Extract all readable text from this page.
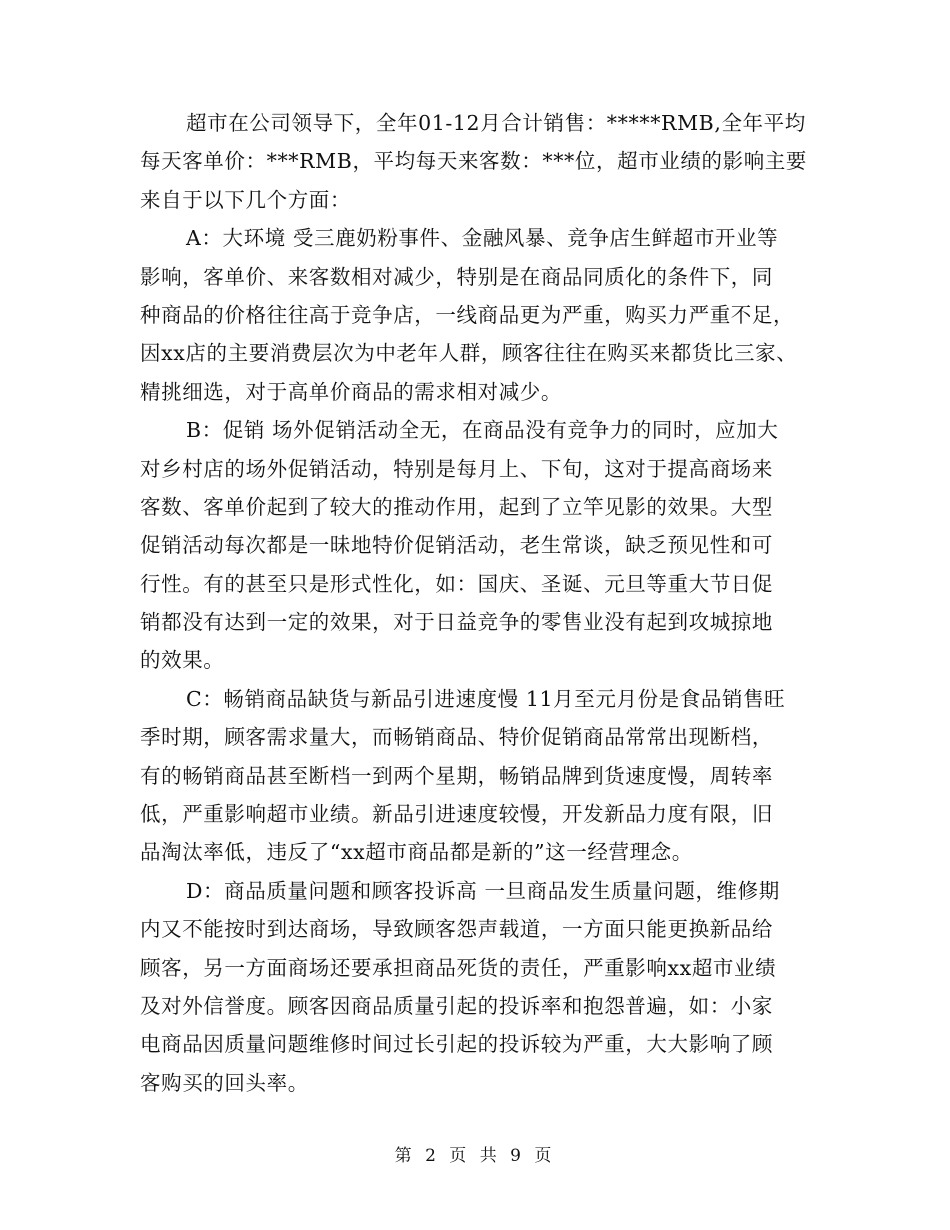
超市在公司领导下，全年01-12月合计销售：*****RMB,全年平均
每天客单价：***RMB，平均每天来客数：***位，超市业绩的影响主要
来自于以下几个方面：
A：大环境 受三鹿奶粉事件、金融风暴、竞争店生鲜超市开业等
影响，客单价、来客数相对减少，特别是在商品同质化的条件下，同
种商品的价格往往高于竞争店，一线商品更为严重，购买力严重不足，
因xx店的主要消费层次为中老年人群，顾客往往在购买来都货比三家、
精挑细选，对于高单价商品的需求相对减少。
B：促销 场外促销活动全无，在商品没有竞争力的同时，应加大
对乡村店的场外促销活动，特别是每月上、下旬，这对于提高商场来
客数、客单价起到了较大的推动作用，起到了立竿见影的效果。大型
促销活动每次都是一昧地特价促销活动，老生常谈，缺乏预见性和可
行性。有的甚至只是形式性化，如：国庆、圣诞、元旦等重大节日促
销都没有达到一定的效果，对于日益竞争的零售业没有起到攻城掠地
的效果。
C：畅销商品缺货与新品引进速度慢 11月至元月份是食品销售旺
季时期，顾客需求量大，而畅销商品、特价促销商品常常出现断档，
有的畅销商品甚至断档一到两个星期，畅销品牌到货速度慢，周转率
低，严重影响超市业绩。新品引进速度较慢，开发新品力度有限，旧
品淘汰率低，违反了“xx超市商品都是新的”这一经营理念。
D：商品质量问题和顾客投诉高 一旦商品发生质量问题，维修期
内又不能按时到达商场，导致顾客怨声载道，一方面只能更换新品给
顾客，另一方面商场还要承担商品死货的责任，严重影响xx超市业绩
及对外信誉度。顾客因商品质量引起的投诉率和抱怨普遍，如：小家
电商品因质量问题维修时间过长引起的投诉较为严重，大大影响了顾
客购买的回头率。
第 2 页 共 9 页
